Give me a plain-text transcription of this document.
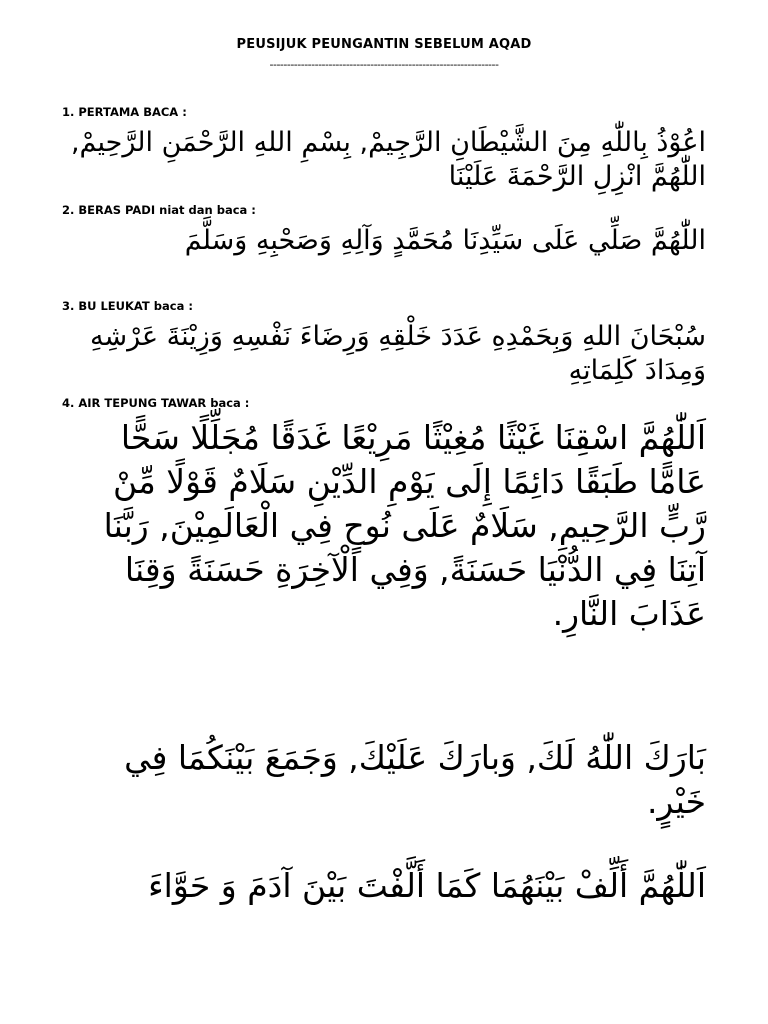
PEUSIJUK PEUNGANTIN SEBELUM AQAD
------------------------------------------------------------------
1. PERTAMA BACA :
اعُوْذُ بِاللّٰهِ مِنَ الشَّيْطَانِ الرَّجِيمْ, بِسْمِ اللهِ الرَّحْمَنِ الرَّحِيمْ, اللّٰهُمَّ انْزِلِ الرَّحْمَةَ عَلَيْنَا
2. BERAS PADI niat dan baca :
اللّٰهُمَّ صَلِّي عَلَى سَيِّدِنَا مُحَمَّدٍ وَآلِهِ وَصَحْبِهِ وَسَلَّمَ
3. BU LEUKAT baca :
سُبْحَانَ اللهِ وَبِحَمْدِهِ عَدَدَ خَلْقِهِ وَرِضَاءَ نَفْسِهِ وَزِيْنَةَ عَرْشِهِ وَمِدَادَ كَلِمَاتِهِ
4. AIR TEPUNG TAWAR baca :
اَللّٰهُمَّ اسْقِنَا غَيْثًا مُغِيْثًا مَرِيْعًا غَدَقًا مُجَلِّلًا سَحًّا عَامًّا طَبَقًا دَائِمًا إِلَى يَوْمِ الدِّيْنِ سَلَامٌ قَوْلًا مِّنْ رَّبٍّ الرَّحِيمِ, سَلَامٌ عَلَى نُوحٍ فِي الْعَالَمِيْنَ, رَبَّنَا آتِنَا فِي الدُّنْيَا حَسَنَةً, وَفِي الْآخِرَةِ حَسَنَةً وَقِنَا عَذَابَ النَّارِ.
بَارَكَ اللّٰهُ لَكَ, وَبارَكَ عَلَيْكَ, وَجَمَعَ بَيْنَكُمَا فِي خَيْرٍ.
اَللّٰهُمَّ أَلِّفْ بَيْنَهُمَا كَمَا أَلَّفْتَ بَيْنَ آدَمَ وَ حَوَّاءَ
